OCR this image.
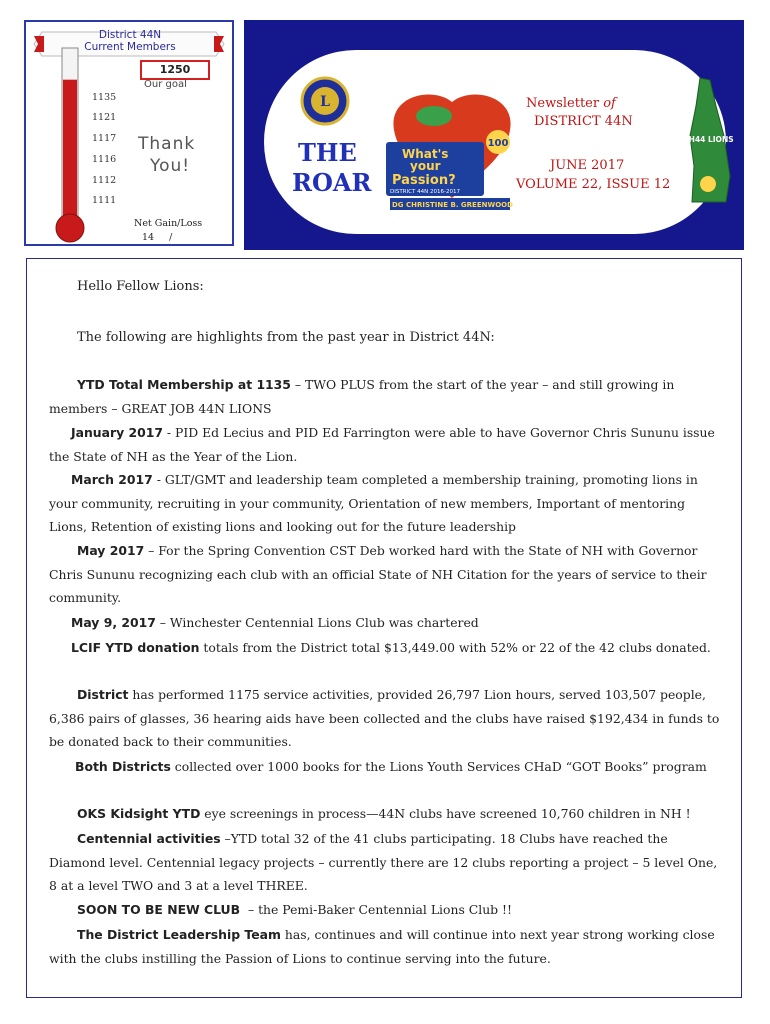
District 44N
Current Members
1250
Our goal
1135
1121
1117
1116
1112
1111
Thank
You!
Net Gain/Loss
14     /
L
THE
ROAR
What's
your
Passion?
DISTRICT 44N 2016-2017
DG CHRISTINE B. GREENWOOD
100
Newsletter of
DISTRICT 44N
JUNE 2017
VOLUME 22, ISSUE 12
NH44 LIONS
Hello Fellow Lions:
The following are highlights from the past year in District 44N:
YTD Total Membership at 1135 – TWO PLUS from the start of the year – and still growing in members – GREAT JOB 44N LIONS
January 2017 - PID Ed Lecius and PID Ed Farrington were able to have Governor Chris Sununu issue the State of NH as the Year of the Lion.
March 2017 - GLT/GMT and leadership team completed a membership training, promoting lions in your community, recruiting in your community, Orientation of new members, Important of mentoring Lions, Retention of existing lions and looking out for the future leadership
May 2017 – For the Spring Convention CST Deb worked hard with the State of NH with Governor Chris Sununu recognizing each club with an official State of NH Citation for the years of service to their community.
May 9, 2017 – Winchester Centennial Lions Club was chartered
LCIF YTD donation totals from the District total $13,449.00 with 52% or 22 of the 42 clubs donated.
District has performed 1175 service activities, provided 26,797 Lion hours, served 103,507 people, 6,386 pairs of glasses, 36 hearing aids have been collected and the clubs have raised $192,434 in funds to be donated back to their communities.
Both Districts collected over 1000 books for the Lions Youth Services CHaD “GOT Books” program
OKS Kidsight YTD eye screenings in process—44N clubs have screened 10,760 children in NH !
Centennial activities –YTD total 32 of the 41 clubs participating. 18 Clubs have reached the Diamond level. Centennial legacy projects – currently there are 12 clubs reporting a project – 5 level One, 8 at a level TWO and 3 at a level THREE.
SOON TO BE NEW CLUB  – the Pemi-Baker Centennial Lions Club !!
The District Leadership Team has, continues and will continue into next year strong working close with the clubs instilling the Passion of Lions to continue serving into the future.
